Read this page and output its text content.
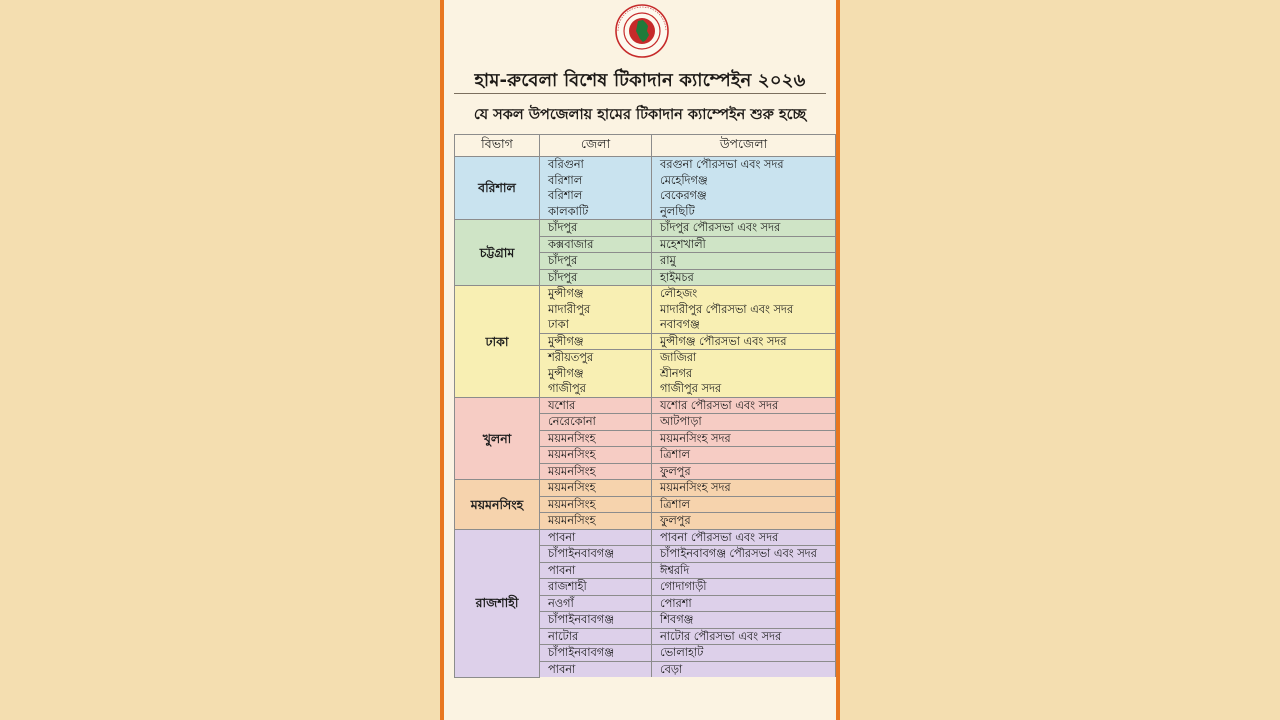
হাম-রুবেলা বিশেষ টিকাদান ক্যাম্পেইন ২০২৬
যে সকল উপজেলায় হামের টিকাদান ক্যাম্পেইন শুরু হচ্ছে
বিভাগ	জেলা	উপজেলা
বরিশাল	বরিগুনা	বরগুনা পৌরসভা এবং সদর
	বরিশাল	মেহেদিগঞ্জ
	বরিশাল	বেকেরগঞ্জ
	কালকাটি	নুলছিটি
চট্টগ্রাম	চাঁদপুর	চাঁদপুর পৌরসভা এবং সদর
	কক্সবাজার	মহেশখালী
	চাঁদপুর	রামু
	চাঁদপুর	হাইমচর
ঢাকা	মুন্সীগঞ্জ	লৌহজং
	মাদারীপুর	মাদারীপুর পৌরসভা এবং সদর
	ঢাকা	নবাবগঞ্জ
	মুন্সীগঞ্জ	মুন্সীগঞ্জ পৌরসভা এবং সদর
	শরীয়তপুর	জাজিরা
	মুন্সীগঞ্জ	শ্রীনগর
	গাজীপুর	গাজীপুর সদর
খুলনা	যশোর	যশোর পৌরসভা এবং সদর
	নেরেকোনা	আটপাড়া
	ময়মনসিংহ	ময়মনসিংহ সদর
	ময়মনসিংহ	ত্রিশাল
	ময়মনসিংহ	ফুলপুর
ময়মনসিংহ	ময়মনসিংহ	ময়মনসিংহ সদর
	ময়মনসিংহ	ত্রিশাল
	ময়মনসিংহ	ফুলপুর
রাজশাহী	পাবনা	পাবনা পৌরসভা এবং সদর
	চাঁপাইনবাবগঞ্জ	চাঁপাইনবাবগঞ্জ পৌরসভা এবং সদর
	পাবনা	ঈশ্বরদি
	রাজশাহী	গোদাগাড়ী
	নওগাঁ	পোরশা
	চাঁপাইনবাবগঞ্জ	শিবগঞ্জ
	নাটোর	নাটোর পৌরসভা এবং সদর
	চাঁপাইনবাবগঞ্জ	ভোলাহাট
	পাবনা	বেড়া
